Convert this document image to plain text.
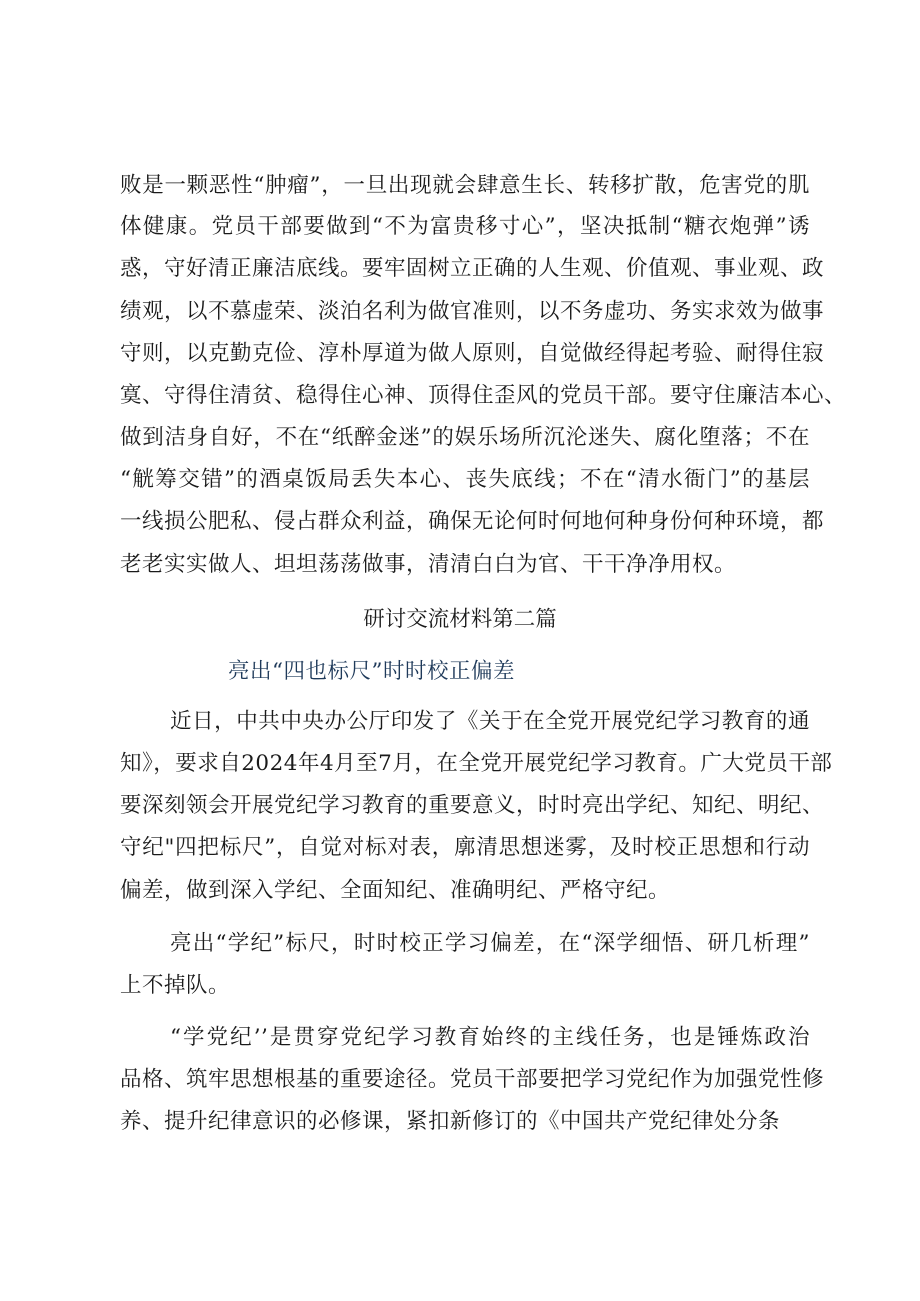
败是一颗恶性“肿瘤”，一旦出现就会肆意生长、转移扩散，危害党的肌
体健康。党员干部要做到“不为富贵移寸心”，坚决抵制“糖衣炮弹”诱
惑，守好清正廉洁底线。要牢固树立正确的人生观、价值观、事业观、政
绩观，以不慕虚荣、淡泊名利为做官准则，以不务虚功、务实求效为做事
守则，以克勤克俭、淳朴厚道为做人原则，自觉做经得起考验、耐得住寂
寞、守得住清贫、稳得住心神、顶得住歪风的党员干部。要守住廉洁本心、
做到洁身自好，不在“纸醉金迷”的娱乐场所沉沦迷失、腐化堕落；不在
“觥筹交错”的酒桌饭局丢失本心、丧失底线；不在“清水衙门”的基层
一线损公肥私、侵占群众利益，确保无论何时何地何种身份何种环境，都
老老实实做人、坦坦荡荡做事，清清白白为官、干干净净用权。
研讨交流材料第二篇
亮出“四也标尺”时时校正偏差
近日，中共中央办公厅印发了《关于在全党开展党纪学习教育的通
知》，要求自2024年4月至7月，在全党开展党纪学习教育。广大党员干部
要深刻领会开展党纪学习教育的重要意义，时时亮出学纪、知纪、明纪、
守纪"四把标尺”，自觉对标对表，廓清思想迷雾，及时校正思想和行动
偏差，做到深入学纪、全面知纪、准确明纪、严格守纪。
亮出“学纪”标尺，时时校正学习偏差，在“深学细悟、研几析理”
上不掉队。
“学党纪’’是贯穿党纪学习教育始终的主线任务，也是锤炼政治
品格、筑牢思想根基的重要途径。党员干部要把学习党纪作为加强党性修
养、提升纪律意识的必修课，紧扣新修订的《中国共产党纪律处分条
